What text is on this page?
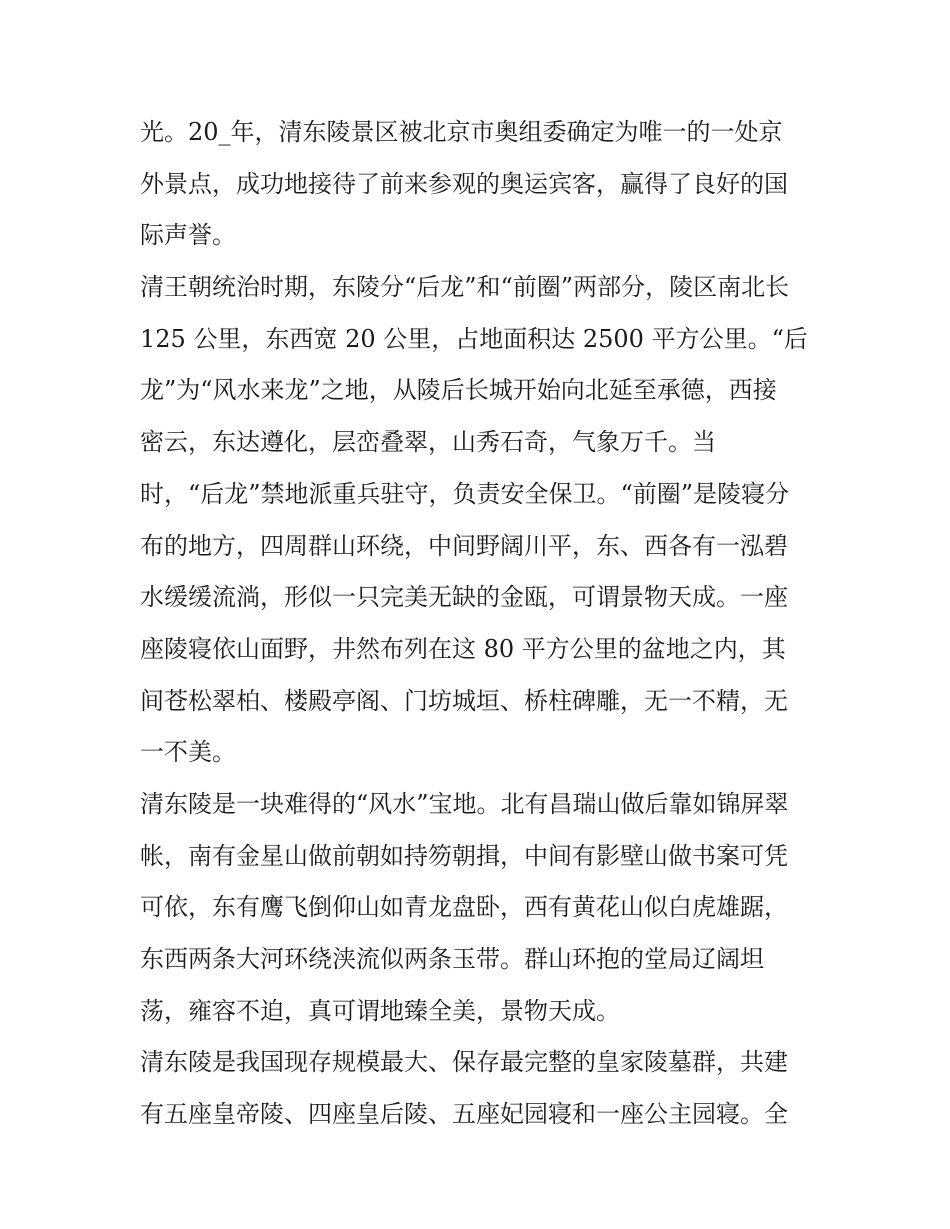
光。20_年，清东陵景区被北京市奥组委确定为唯一的一处京
外景点，成功地接待了前来参观的奥运宾客，赢得了良好的国
际声誉。
清王朝统治时期，东陵分“后龙”和“前圈”两部分，陵区南北长
125 公里，东西宽 20 公里，占地面积达 2500 平方公里。“后
龙”为“风水来龙”之地，从陵后长城开始向北延至承德，西接
密云，东达遵化，层峦叠翠，山秀石奇，气象万千。当
时，“后龙”禁地派重兵驻守，负责安全保卫。“前圈”是陵寝分
布的地方，四周群山环绕，中间野阔川平，东、西各有一泓碧
水缓缓流淌，形似一只完美无缺的金瓯，可谓景物天成。一座
座陵寝依山面野，井然布列在这 80 平方公里的盆地之内，其
间苍松翠柏、楼殿亭阁、门坊城垣、桥柱碑雕，无一不精，无
一不美。
清东陵是一块难得的“风水”宝地。北有昌瑞山做后靠如锦屏翠
帐，南有金星山做前朝如持笏朝揖，中间有影壁山做书案可凭
可依，东有鹰飞倒仰山如青龙盘卧，西有黄花山似白虎雄踞，
东西两条大河环绕浃流似两条玉带。群山环抱的堂局辽阔坦
荡，雍容不迫，真可谓地臻全美，景物天成。
清东陵是我国现存规模最大、保存最完整的皇家陵墓群，共建
有五座皇帝陵、四座皇后陵、五座妃园寝和一座公主园寝。全
